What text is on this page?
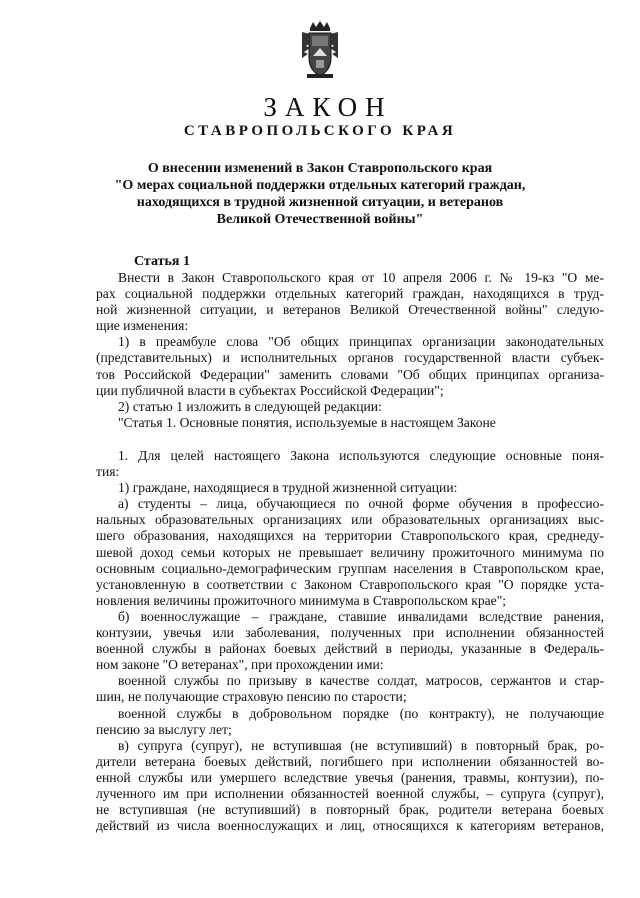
ЗАКОН
СТАВРОПОЛЬСКОГО КРАЯ
О внесении изменений в Закон Ставропольского края
"О мерах социальной поддержки отдельных категорий граждан,
находящихся в трудной жизненной ситуации, и ветеранов
Великой Отечественной войны"
Статья 1
Внести в Закон Ставропольского края от 10 апреля 2006 г. № 19-кз "О ме-
рах социальной поддержки отдельных категорий граждан, находящихся в труд-
ной жизненной ситуации, и ветеранов Великой Отечественной войны" следую-
щие изменения:
1) в преамбуле слова "Об общих принципах организации законодательных
(представительных) и исполнительных органов государственной власти субъек-
тов Российской Федерации" заменить словами "Об общих принципах организа-
ции публичной власти в субъектах Российской Федерации";
2) статью 1 изложить в следующей редакции:
"Статья 1. Основные понятия, используемые в настоящем Законе
1. Для целей настоящего Закона используются следующие основные поня-
тия:
1) граждане, находящиеся в трудной жизненной ситуации:
а) студенты – лица, обучающиеся по очной форме обучения в профессио-
нальных образовательных организациях или образовательных организациях выс-
шего образования, находящихся на территории Ставропольского края, среднеду-
шевой доход семьи которых не превышает величину прожиточного минимума по
основным социально-демографическим группам населения в Ставропольском крае,
установленную в соответствии с Законом Ставропольского края "О порядке уста-
новления величины прожиточного минимума в Ставропольском крае";
б) военнослужащие – граждане, ставшие инвалидами вследствие ранения,
контузии, увечья или заболевания, полученных при исполнении обязанностей
военной службы в районах боевых действий в периоды, указанные в Федераль-
ном законе "О ветеранах", при прохождении ими:
военной службы по призыву в качестве солдат, матросов, сержантов и стар-
шин, не получающие страховую пенсию по старости;
военной службы в добровольном порядке (по контракту), не получающие
пенсию за выслугу лет;
в) супруга (супруг), не вступившая (не вступивший) в повторный брак, ро-
дители ветерана боевых действий, погибшего при исполнении обязанностей во-
енной службы или умершего вследствие увечья (ранения, травмы, контузии), по-
лученного им при исполнении обязанностей военной службы, – супруга (супруг),
не вступившая (не вступивший) в повторный брак, родители ветерана боевых
действий из числа военнослужащих и лиц, относящихся к категориям ветеранов,
